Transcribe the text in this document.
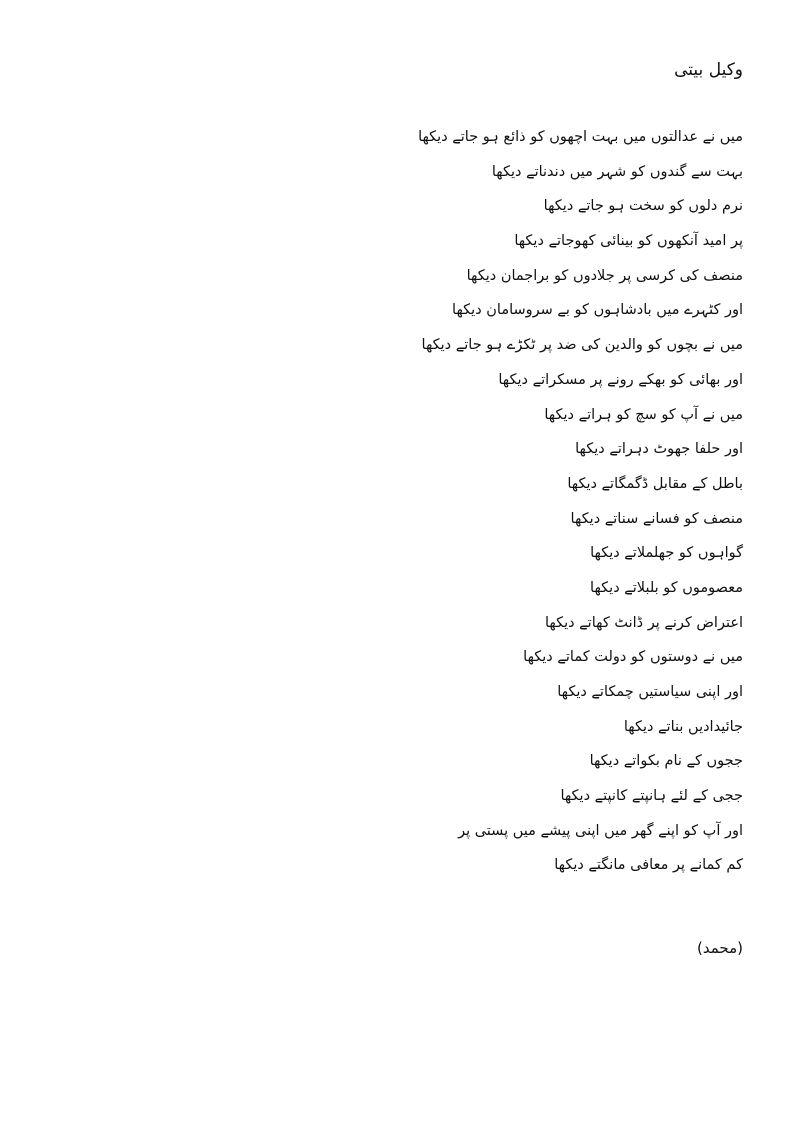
وکیل بیتی
میں نے عدالتوں میں بہت اچھوں کو ذائع ہو جاتے دیکھا
بہت سے گندوں کو شہر میں دندناتے دیکھا
نرم دلوں کو سخت ہو جاتے دیکھا
پر امید آنکھوں کو بینائی کھوجاتے دیکھا
منصف کی کرسی پر جلادوں کو براجمان دیکھا
اور کٹہرے میں بادشاہوں کو بے سروسامان دیکھا
میں نے بچوں کو والدین کی ضد پر ٹکڑے ہو جاتے دیکھا
اور بھائی کو بھکے رونے پر مسکراتے دیکھا
میں نے آپ کو سچ کو ہراتے دیکھا
اور حلفا جھوٹ دہراتے دیکھا
باطل کے مقابل ڈگمگاتے دیکھا
منصف کو فسانے سناتے دیکھا
گواہوں کو جھلملاتے دیکھا
معصوموں کو بلبلاتے دیکھا
اعتراض کرنے پر ڈانٹ کھاتے دیکھا
میں نے دوستوں کو دولت کماتے دیکھا
اور اپنی سیاستیں چمکاتے دیکھا
جائیدادیں بناتے دیکھا
ججوں کے نام بکواتے دیکھا
ججی کے لئے ہانپتے کانپتے دیکھا
اور آپ کو اپنے گھر میں اپنی پیشے میں پستی پر
کم کمانے پر معافی مانگتے دیکھا
(محمد)
